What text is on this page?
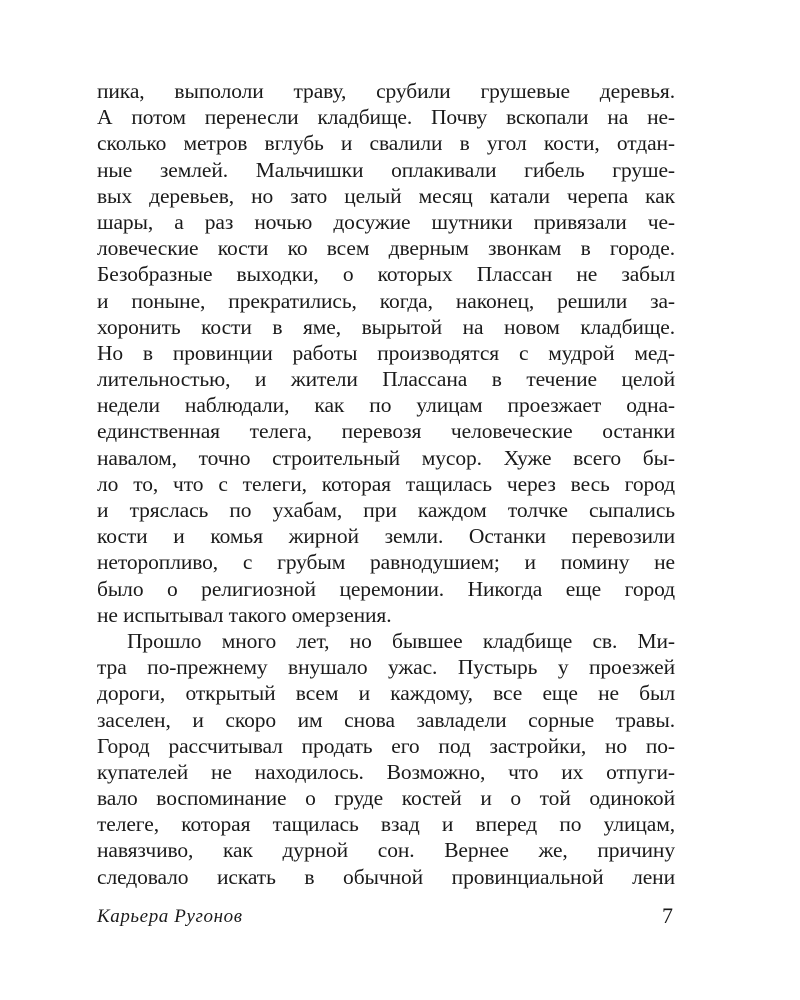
пика, выпололи траву, срубили грушевые деревья.
А потом перенесли кладбище. Почву вскопали на не-
сколько метров вглубь и свалили в угол кости, отдан-
ные землей. Мальчишки оплакивали гибель груше-
вых деревьев, но зато целый месяц катали черепа как
шары, а раз ночью досужие шутники привязали че-
ловеческие кости ко всем дверным звонкам в городе.
Безобразные выходки, о которых Плассан не забыл
и поныне, прекратились, когда, наконец, решили за-
хоронить кости в яме, вырытой на новом кладбище.
Но в провинции работы производятся с мудрой мед-
лительностью, и жители Плассана в течение целой
недели наблюдали, как по улицам проезжает одна-
единственная телега, перевозя человеческие останки
навалом, точно строительный мусор. Хуже всего бы-
ло то, что с телеги, которая тащилась через весь город
и тряслась по ухабам, при каждом толчке сыпались
кости и комья жирной земли. Останки перевозили
неторопливо, с грубым равнодушием; и помину не
было о религиозной церемонии. Никогда еще город
не испытывал такого омерзения.
Прошло много лет, но бывшее кладбище св. Ми-
тра по-прежнему внушало ужас. Пустырь у проезжей
дороги, открытый всем и каждому, все еще не был
заселен, и скоро им снова завладели сорные травы.
Город рассчитывал продать его под застройки, но по-
купателей не находилось. Возможно, что их отпуги-
вало воспоминание о груде костей и о той одинокой
телеге, которая тащилась взад и вперед по улицам,
навязчиво, как дурной сон. Вернее же, причину
следовало искать в обычной провинциальной лени
Карьера Ругонов	7
